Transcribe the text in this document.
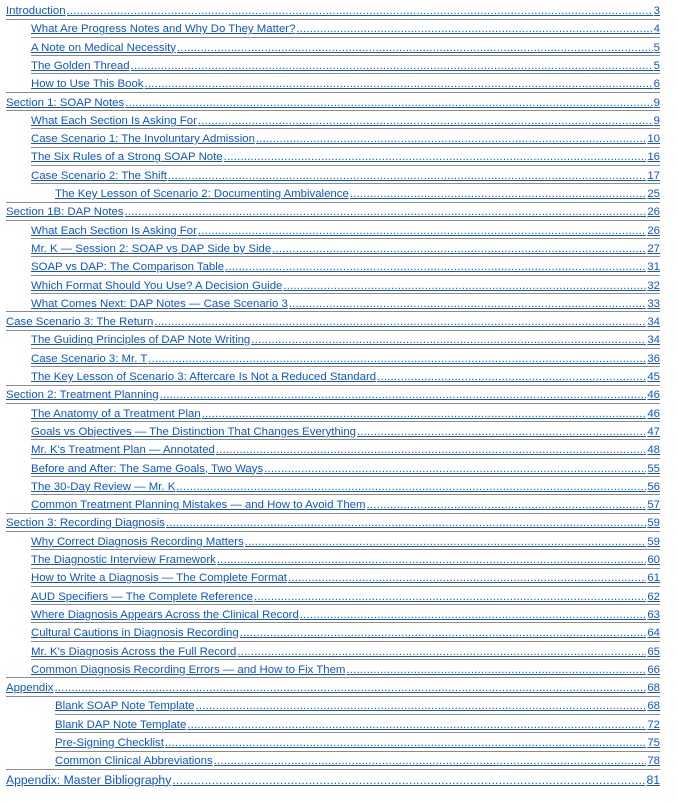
Introduction .....	3
What Are Progress Notes and Why Do They Matter? .....	4
A Note on Medical Necessity .....	5
The Golden Thread .....	5
How to Use This Book .....	6
Section 1: SOAP Notes .....	9
What Each Section Is Asking For .....	9
Case Scenario 1: The Involuntary Admission .....	10
The Six Rules of a Strong SOAP Note .....	16
Case Scenario 2: The Shift .....	17
The Key Lesson of Scenario 2: Documenting Ambivalence .....	25
Section 1B: DAP Notes .....	26
What Each Section Is Asking For .....	26
Mr. K — Session 2: SOAP vs DAP Side by Side .....	27
SOAP vs DAP: The Comparison Table .....	31
Which Format Should You Use? A Decision Guide .....	32
What Comes Next: DAP Notes — Case Scenario 3 .....	33
Case Scenario 3: The Return .....	34
The Guiding Principles of DAP Note Writing .....	34
Case Scenario 3: Mr. T .....	36
The Key Lesson of Scenario 3: Aftercare Is Not a Reduced Standard .....	45
Section 2: Treatment Planning .....	46
The Anatomy of a Treatment Plan .....	46
Goals vs Objectives — The Distinction That Changes Everything .....	47
Mr. K's Treatment Plan — Annotated .....	48
Before and After: The Same Goals, Two Ways .....	55
The 30-Day Review — Mr. K .....	56
Common Treatment Planning Mistakes — and How to Avoid Them .....	57
Section 3: Recording Diagnosis .....	59
Why Correct Diagnosis Recording Matters .....	59
The Diagnostic Interview Framework .....	60
How to Write a Diagnosis — The Complete Format .....	61
AUD Specifiers — The Complete Reference .....	62
Where Diagnosis Appears Across the Clinical Record .....	63
Cultural Cautions in Diagnosis Recording .....	64
Mr. K's Diagnosis Across the Full Record .....	65
Common Diagnosis Recording Errors — and How to Fix Them .....	66
Appendix .....	68
Blank SOAP Note Template .....	68
Blank DAP Note Template .....	72
Pre-Signing Checklist .....	75
Common Clinical Abbreviations .....	78
Appendix: Master Bibliography .....	81
